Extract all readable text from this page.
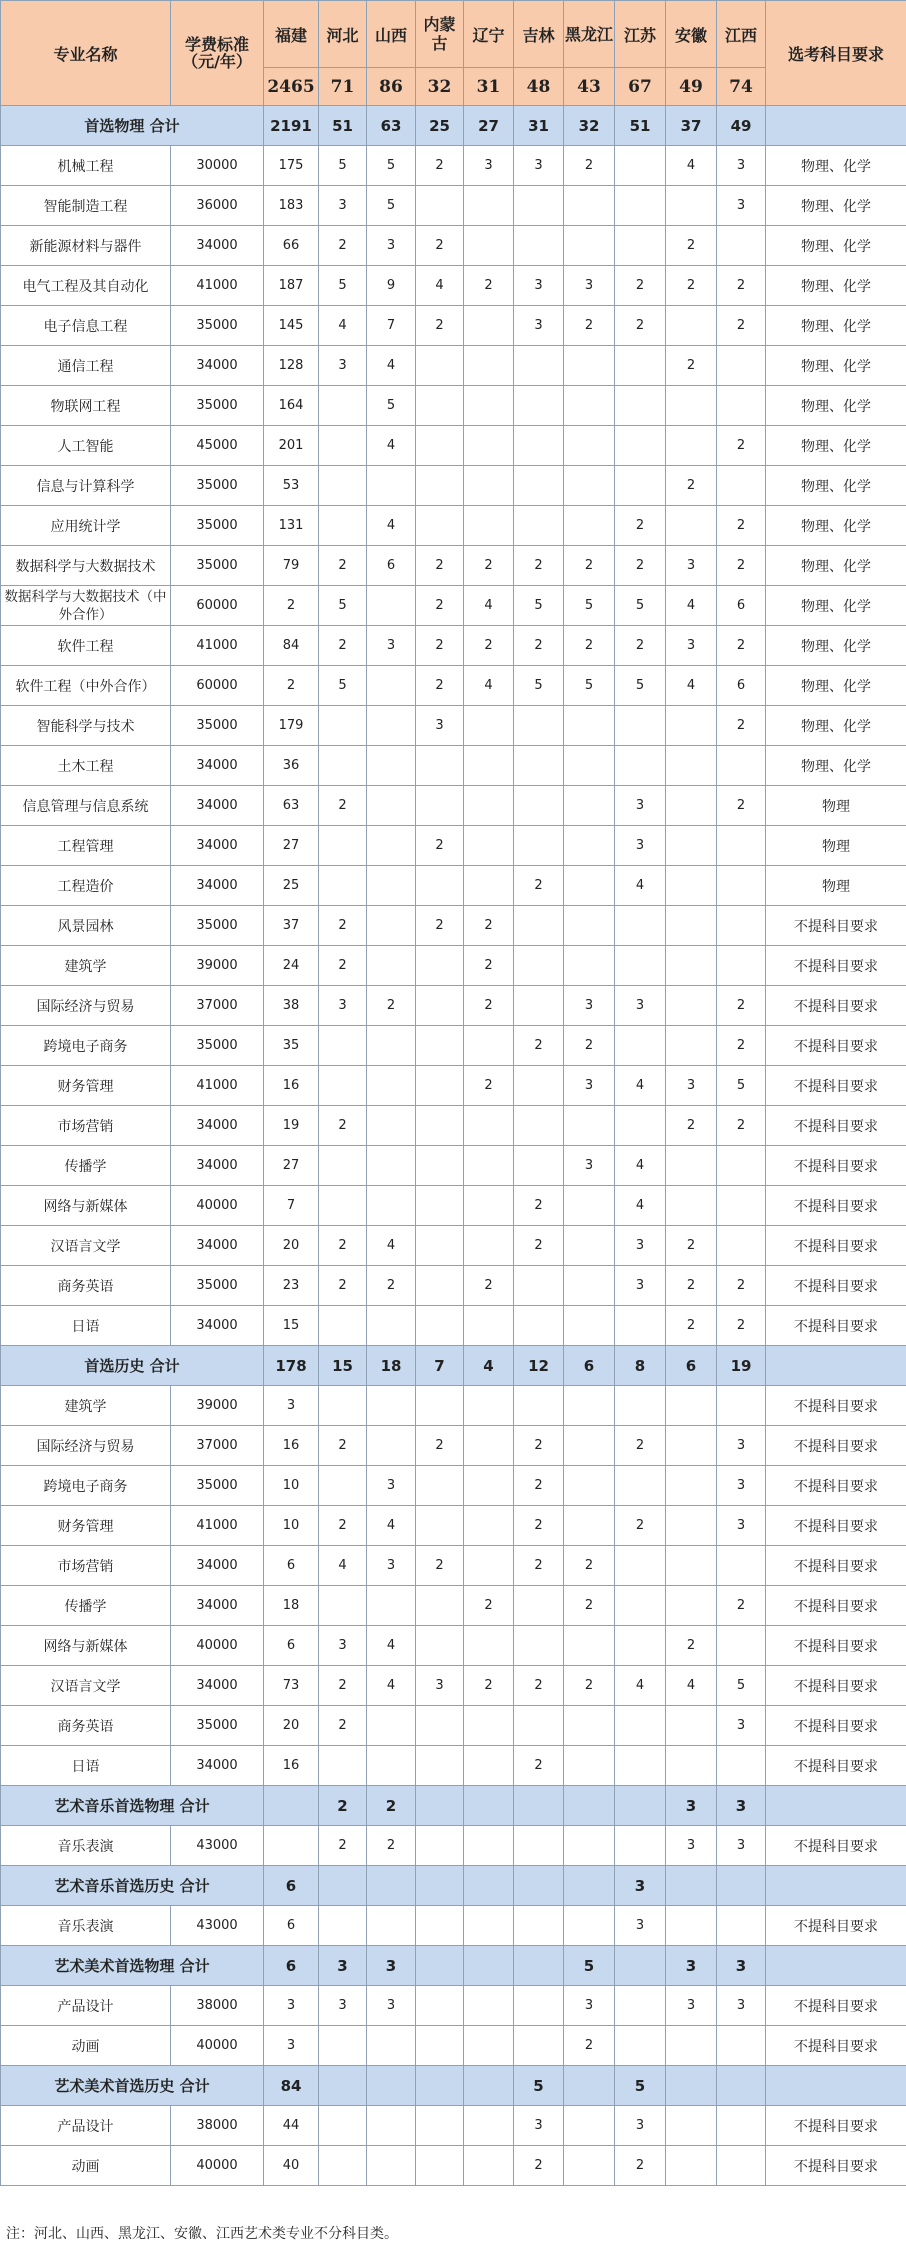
专业名称	学费标准（元/年）	福建	河北	山西	内蒙古	辽宁	吉林	黑龙江	江苏	安徽	江西	选考科目要求
		2465	71	86	32	31	48	43	67	49	74	
首选物理 合计		2191	51	63	25	27	31	32	51	37	49	
机械工程	30000	175	5	5	2	3	3	2		4	3	物理、化学
智能制造工程	36000	183	3	5							3	物理、化学
新能源材料与器件	34000	66	2	3	2					2		物理、化学
电气工程及其自动化	41000	187	5	9	4	2	3	3	2	2	2	物理、化学
电子信息工程	35000	145	4	7	2		3	2	2		2	物理、化学
通信工程	34000	128	3	4						2		物理、化学
物联网工程	35000	164		5								物理、化学
人工智能	45000	201		4							2	物理、化学
信息与计算科学	35000	53								2		物理、化学
应用统计学	35000	131		4					2		2	物理、化学
数据科学与大数据技术	35000	79	2	6	2	2	2	2	2	3	2	物理、化学
数据科学与大数据技术（中外合作）	60000	2	5		2	4	5	5	5	4	6	物理、化学
软件工程	41000	84	2	3	2	2	2	2	2	3	2	物理、化学
软件工程（中外合作）	60000	2	5		2	4	5	5	5	4	6	物理、化学
智能科学与技术	35000	179			3						2	物理、化学
土木工程	34000	36										物理、化学
信息管理与信息系统	34000	63	2						3		2	物理
工程管理	34000	27			2				3			物理
工程造价	34000	25					2		4			物理
风景园林	35000	37	2		2	2						不提科目要求
建筑学	39000	24	2			2						不提科目要求
国际经济与贸易	37000	38	3	2		2		3	3		2	不提科目要求
跨境电子商务	35000	35					2	2			2	不提科目要求
财务管理	41000	16				2		3	4	3	5	不提科目要求
市场营销	34000	19	2							2	2	不提科目要求
传播学	34000	27						3	4			不提科目要求
网络与新媒体	40000	7					2		4			不提科目要求
汉语言文学	34000	20	2	4			2		3	2		不提科目要求
商务英语	35000	23	2	2		2			3	2	2	不提科目要求
日语	34000	15								2	2	不提科目要求
首选历史 合计		178	15	18	7	4	12	6	8	6	19	
建筑学	39000	3										不提科目要求
国际经济与贸易	37000	16	2		2		2		2		3	不提科目要求
跨境电子商务	35000	10		3			2				3	不提科目要求
财务管理	41000	10	2	4			2		2		3	不提科目要求
市场营销	34000	6	4	3	2		2	2				不提科目要求
传播学	34000	18				2		2			2	不提科目要求
网络与新媒体	40000	6	3	4						2		不提科目要求
汉语言文学	34000	73	2	4	3	2	2	2	4	4	5	不提科目要求
商务英语	35000	20	2								3	不提科目要求
日语	34000	16					2					不提科目要求
艺术音乐首选物理 合计			2	2						3	3	
音乐表演	43000		2	2						3	3	不提科目要求
艺术音乐首选历史 合计		6							3			
音乐表演	43000	6							3			不提科目要求
艺术美术首选物理 合计		6	3	3				5		3	3	
产品设计	38000	3	3	3				3		3	3	不提科目要求
动画	40000	3						2				不提科目要求
艺术美术首选历史 合计		84					5		5			
产品设计	38000	44					3		3			不提科目要求
动画	40000	40					2		2			不提科目要求
注：河北、山西、黑龙江、安徽、江西艺术类专业不分科目类。
